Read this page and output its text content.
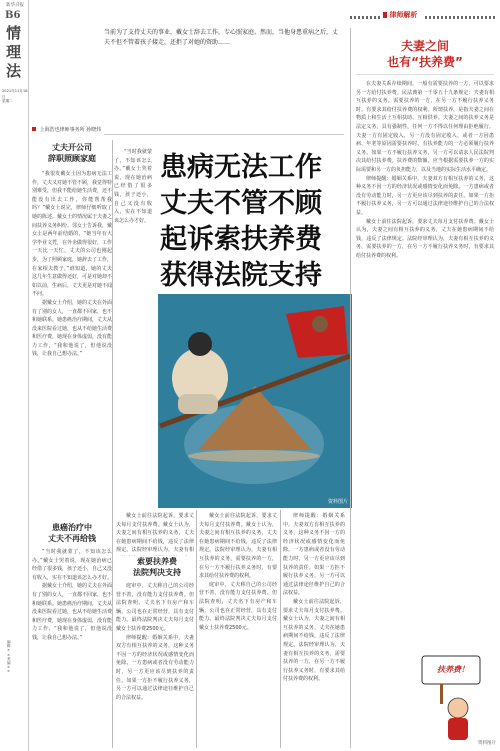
新华日报
B6
情理法
2021年11月16日
星期二
编辑 ×× 美编 ××
律师解析
当前为了支持丈夫的事业，戴女士辞去工作，专心照家庭。然而，当他身患重病之后，丈夫不但不管着孩子接走，还拒了对她的资助……
上海浩也律师事务所 孙晓炜
丈夫开公司
辞职照顾家庭

“我很发戴女士因为患病无法工作，丈夫又对她不管不顾，我觉得特别难受，但我不能给她生活费，还不能没有出去工作，你能帮帮我吗？”戴女士说完，律师仔细听取了她的陈述。戴女士的情况属于夫妻之间扶养义务纠纷。邻女士告诉我，戴女士是两年前结婚的，“她当年有大学毕业文凭，在外企做得很好，工作一天比一天忙，丈夫的公司也刚起步，为了照顾家庭，她辞去了工作，在家相夫教子。”谁知道，她的丈夫这几年生意做得还好，可是对她却不如以前，生病后，丈夫更是对她不闻不问。

据戴女士介绍，她的丈夫在外面有了别的女人，一直都不回家，也不和她联系。她患癌治疗期间，丈夫从没来医院看过她，也从不给她生活费和医疗费，她现在身体虚弱，没有能力工作，“我和他说了，但他说没钱，让我自己想办法。”

患癌治疗中
丈夫不再给钱

“当时我就蒙了，不知该怎么办。”戴女士哭着说，现在她治病已经借了很多钱，孩子还小，自己又没有收入，实在不知道该怎么办才好。

据戴女士介绍，她的丈夫在外面有了别的女人，一直都不回家，也不和她联系。她患癌治疗期间，丈夫从没来医院看过她，也从不给她生活费和医疗费，她现在身体虚弱，没有能力工作，“我和他说了，但他说没钱，让我自己想办法。”

“当时我就蒙了，不知该怎么办。”戴女士哭着说，现在她治病已经借了很多钱，孩子还小，自己又没有收入，实在不知道该怎么办才好。

患病无法工作
丈夫不管不顾
起诉索扶养费
获得法院支持
资料图片

戴女士前往法院起诉，要求丈夫每月支付扶养费。戴女士认为，夫妻之间有相互扶养的义务，丈夫在她患病期间不给钱，违反了法律规定。法院经审理认为，夫妻有相

索要扶养费
法院判决支持

庭审中，丈夫称自己的公司经营不善，没有能力支付扶养费。但法院查明，丈夫名下有房产和车辆，公司也在正常经营，具有支付能力。最终法院判决丈夫每月支付戴女士扶养费2500元。

律师提醒：婚姻关系中，夫妻双方有相互扶养的义务，这种义务不因一方的经济状况或感情变化而免除。一方患病或者没有劳动能力时，另一方更应该尽到扶养的责任。如果一方拒不履行扶养义务，另一方可以通过法律途径维护自己的合法权益。

戴女士前往法院起诉，要求丈夫每月支付扶养费。戴女士认为，夫妻之间有相互扶养的义务，丈夫在她患病期间不给钱，违反了法律规定。法院经审理认为，夫妻有相互扶养的义务，需要扶养的一方，在另一方不履行扶养义务时，有要求其给付扶养费的权利。

庭审中，丈夫称自己的公司经营不善，没有能力支付扶养费。但法院查明，丈夫名下有房产和车辆，公司也在正常经营，具有支付能力。最终法院判决丈夫每月支付戴女士扶养费2500元。

律师提醒：婚姻关系中，夫妻双方有相互扶养的义务，这种义务不因一方的经济状况或感情变化而免除。一方患病或者没有劳动能力时，另一方更应该尽到扶养的责任。如果一方拒不履行扶养义务，另一方可以通过法律途径维护自己的合法权益。

戴女士前往法院起诉，要求丈夫每月支付扶养费。戴女士认为，夫妻之间有相互扶养的义务，丈夫在她患病期间不给钱，违反了法律规定。法院经审理认为，夫妻有相互扶养的义务，需要扶养的一方，在另一方不履行扶养义务时，有要求其给付扶养费的权利。

夫妻之间
也有“扶养费”

在夫妻关系存续期间，一般有需要扶养的一方，可以要求另一方给付扶养费。民法典第一千零五十九条规定：夫妻有相互扶养的义务。需要扶养的一方，在另一方不履行扶养义务时，有要求其给付扶养费的权利。所谓扶养，是指夫妻之间在物质上和生活上互相扶助、互相供养。夫妻之间的扶养义务是法定义务，具有强制性，任何一方不得以任何理由拒绝履行。夫妻一方有固定收入，另一方没有固定收入，或者一方因患病、年老等原因需要扶养时，有扶养能力的一方必须履行扶养义务。如果一方不履行扶养义务，另一方可以请求人民法院判决其给付扶养费。扶养费的数额，应当根据需要扶养一方的实际需要和另一方的负担能力，以及当地的实际生活水平确定。

律师提醒：婚姻关系中，夫妻双方有相互扶养的义务，这种义务不因一方的经济状况或感情变化而免除。一方患病或者没有劳动能力时，另一方更应该尽到扶养的责任。如果一方拒不履行扶养义务，另一方可以通过法律途径维护自己的合法权益。

戴女士前往法院起诉，要求丈夫每月支付扶养费。戴女士认为，夫妻之间有相互扶养的义务，丈夫在她患病期间不给钱，违反了法律规定。法院经审理认为，夫妻有相互扶养的义务，需要扶养的一方，在另一方不履行扶养义务时，有要求其给付扶养费的权利。

扶养费！
资料图片
